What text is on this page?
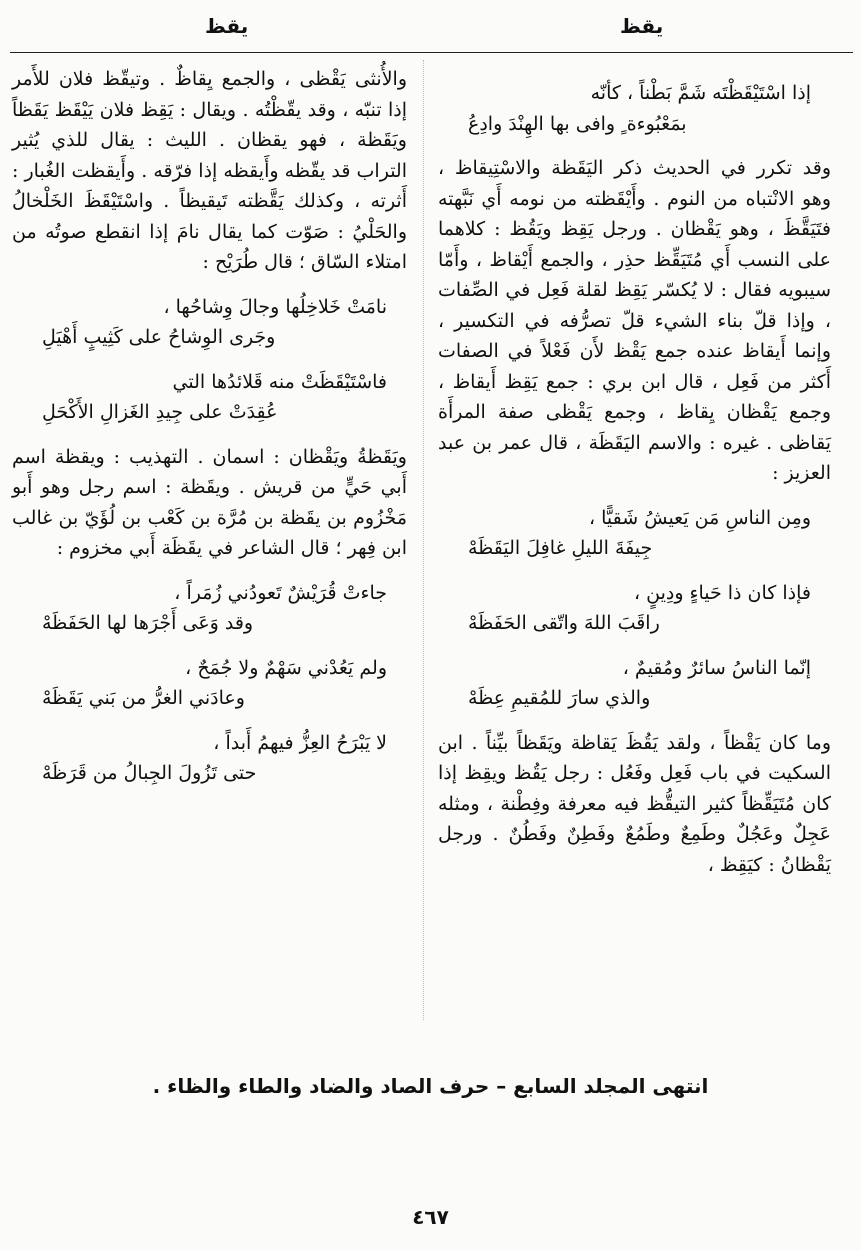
يقظ	يقظ
إذا اسْتَيْقَظْتَه شَمَّ بَطْناً ، كأنّه
بمَعْبُوءة ٍ وافى بها الهِنْدَ وادِعُ

وقد تكرر في الحديث ذكر اليَقَظة والاسْتِيقاظ ، وهو الانْتباه من النوم . وأَيْقَظته من نومه أَي نَبَّهته فتَيَقَّظَ ، وهو يَقْظان . ورجل يَقِظ ويَقُظ : كلاهما على النسب أَي مُتَيَقِّظ حذِر ، والجمع أَيْقاظ ، وأَمّا سيبويه فقال : لا يُكسّر يَقِظ لقلة فَعِل في الصِّفات ، وإذا قلّ بناء الشيء قلّ تصرُّفه في التكسير ، وإنما أَيقاظ عنده جمع يَقْظ لأَن فَعْلاً في الصفات أَكثر من فَعِل ، قال ابن بري : جمع يَقِظ أَيقاظ ، وجمع يَقْظان يِقاظ ، وجمع يَقْظى صفة المرأَة يَقاظى . غيره : والاسم اليَقَظَة ، قال عمر بن عبد العزيز :

ومِن الناسِ مَن يَعيشُ شَقيًّا ،
جِيفَةَ الليلِ غافِلَ اليَقَظَهْ
فإذا كان ذا حَياءٍ ودِينٍ ،
راقَبَ اللهَ واتّقى الحَفَظَهْ
إنّما الناسُ سائرٌ ومُقيمٌ ،
والذي سارَ للمُقيمِ عِظَهْ

وما كان يَقْظاً ، ولقد يَقُظَ يَقاظة ويَقَظاً بيِّناً . ابن السكيت في باب فَعِل وفَعُل : رجل يَقُظ ويقِظ إذا كان مُتَيَقِّظاً كثير التيقُّظ فيه معرفة وفِطْنة ، ومثله عَجِلٌ وعَجُلٌ وطَمِعٌ وطَمُعٌ وفَطِنٌ وفَطُنٌ . ورجل يَقْظانُ : كيَقِظ ،

والأُنثى يَقْظى ، والجمع يِقاظٌ . وتيقّظ فلان للأَمر إذا تنبّه ، وقد يقّظْتُه . ويقال : يَقِظ فلان يَيْقَظ يَقَظاً ويَقَظة ، فهو يقظان . الليث : يقال للذي يُثير التراب قد يقّظه وأَيقظه إذا فرّقه . وأَيقظت الغُبار : أَثرته ، وكذلك يَقَّظته تَيقيظاً . واسْتَيْقَظَ الخَلْخالُ والحَلْيُ : صَوّت كما يقال نامَ إذا انقطع صوتُه من امتلاء السّاق ؛ قال طُرَيْح :

نامَتْ خَلاخِلُها وجالَ وِشاحُها ،
وجَرى الوِشاحُ على كَثِيبٍ أَهْيَلِ
فاسْتَيْقَظَتْ منه قَلائدُها التي
عُقِدَتْ على جِيدِ الغَزالِ الأَكْحَلِ

ويَقَظةُ ويَقْظان : اسمان . التهذيب : ويقظة اسم أَبي حَيٍّ من قريش . ويقَظة : اسم رجل وهو أَبو مَخْزُوم بن يقَظة بن مُرَّة بن كَعْب بن لُؤَيّ بن غالب ابن فِهر ؛ قال الشاعر في يقَظَة أَبي مخزوم :

جاءتْ قُرَيْشٌ تَعودُني زُمَراً ،
وقد وَعَى أَجْرَها لها الحَفَظَهْ
ولم يَعُدْني سَهْمٌ ولا جُمَحٌ ،
وعادَني الغرُّ من بَني يَقَظَهْ
لا يَبْرَحُ العِزُّ فيهمُ أَبداً ،
حتى تَزُولَ الجِبالُ من قَرَظَهْ
انتهى المجلد السابع – حرف الصاد والضاد والطاء والظاء .
٤٦٧
